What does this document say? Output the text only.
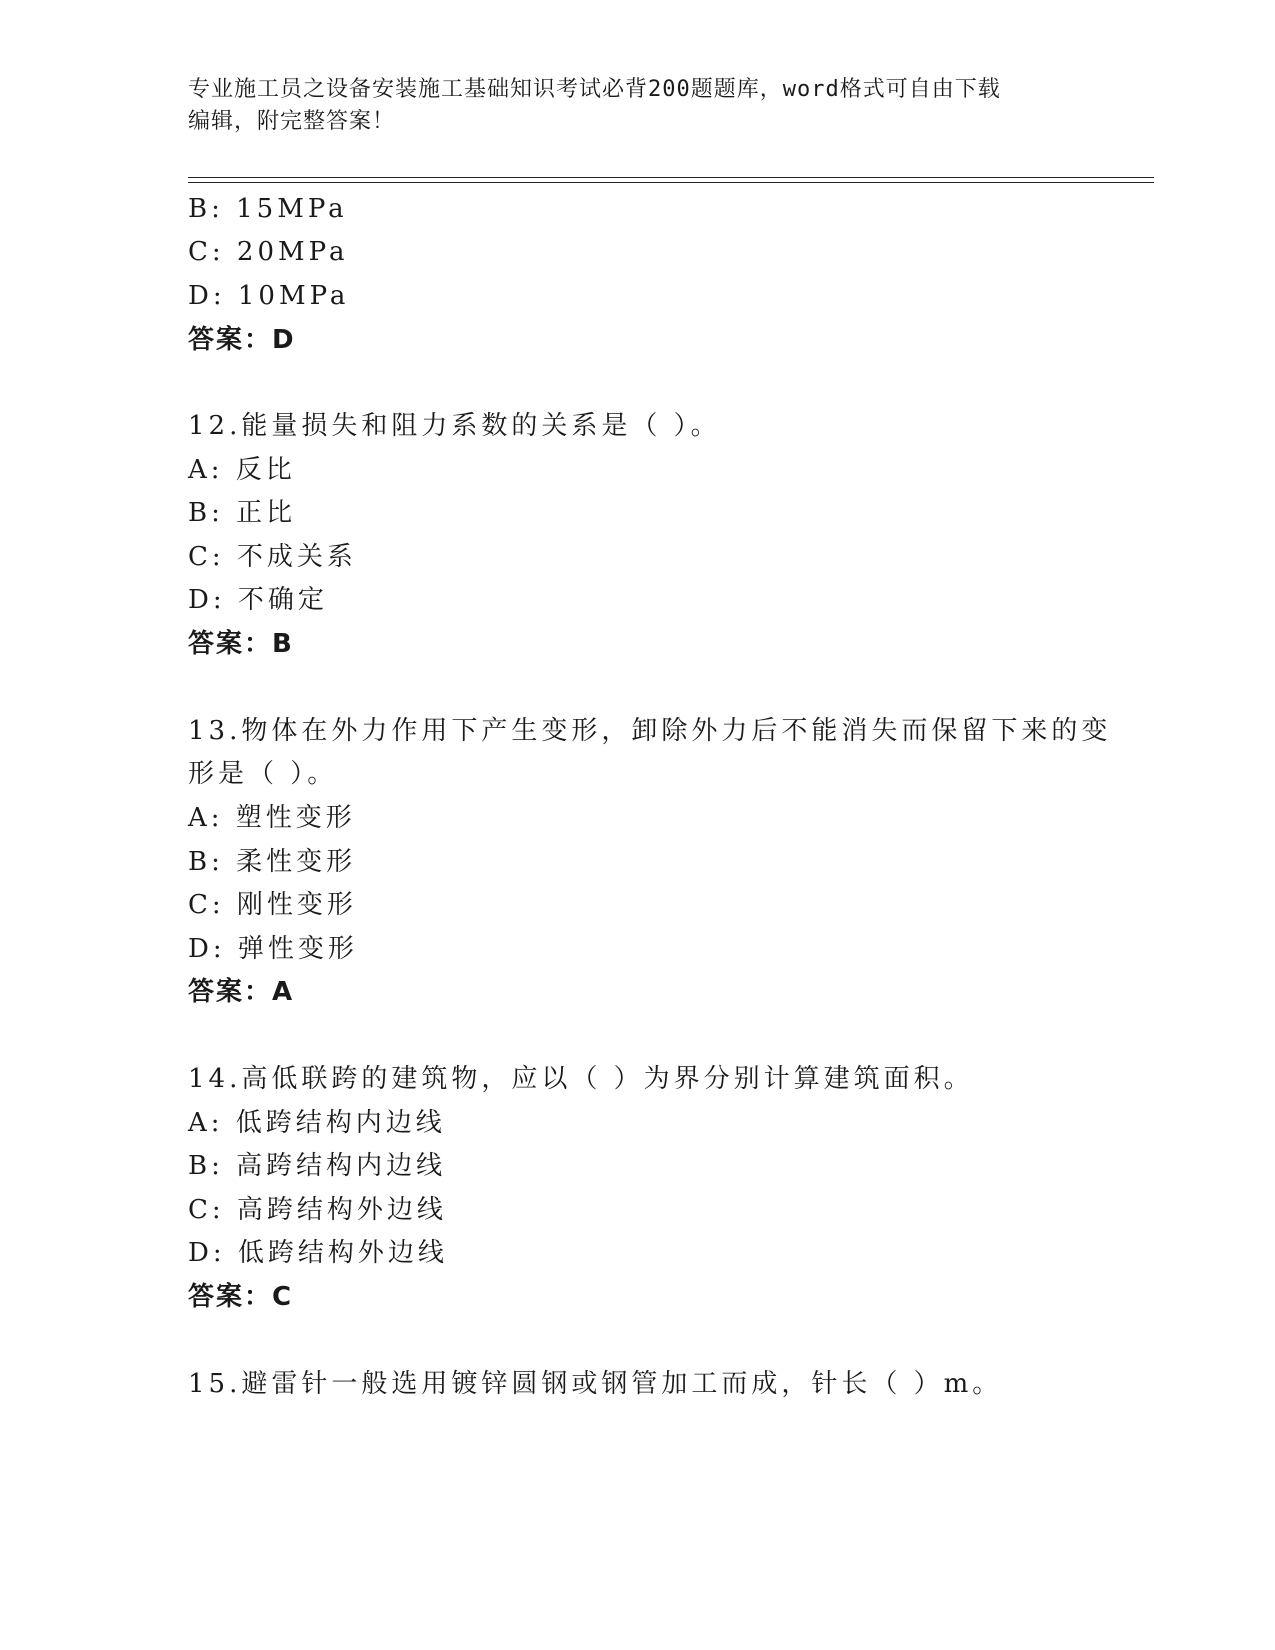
专业施工员之设备安装施工基础知识考试必背200题题库，word格式可自由下载
编辑，附完整答案！
B: 15MPa
C: 20MPa
D: 10MPa
答案：D
12.能量损失和阻力系数的关系是（ ）。
A: 反比
B: 正比
C: 不成关系
D: 不确定
答案：B
13.物体在外力作用下产生变形，卸除外力后不能消失而保留下来的变
形是（ ）。
A: 塑性变形
B: 柔性变形
C: 刚性变形
D: 弹性变形
答案：A
14.高低联跨的建筑物，应以（ ）为界分别计算建筑面积。
A: 低跨结构内边线
B: 高跨结构内边线
C: 高跨结构外边线
D: 低跨结构外边线
答案：C
15.避雷针一般选用镀锌圆钢或钢管加工而成，针长（ ）m。
